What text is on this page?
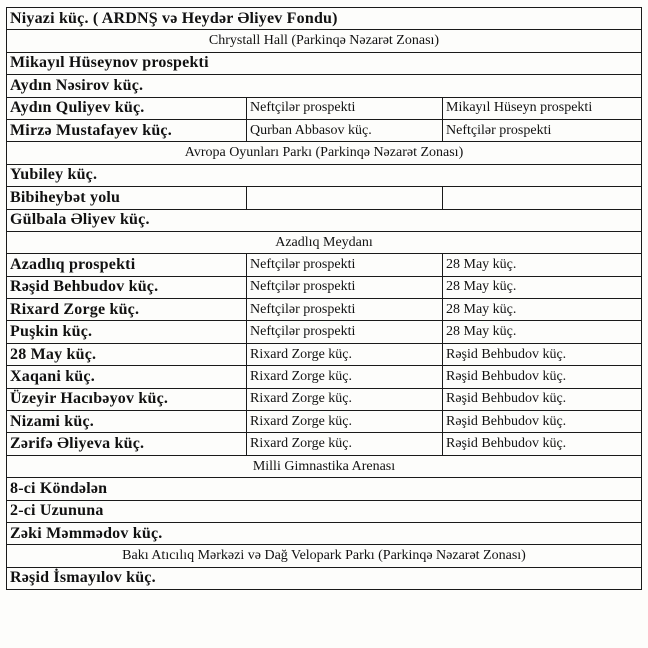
Niyazi küç. ( ARDNŞ və Heydər Əliyev Fondu)		
Chrystall Hall (Parkinqə Nəzarət Zonası)		
Mikayıl Hüseynov prospekti		
Aydın Nəsirov küç.		
Aydın Quliyev küç.	Neftçilər prospekti	Mikayıl Hüseyn prospekti
Mirzə Mustafayev küç.	Qurban Abbasov küç.	Neftçilər prospekti
Avropa Oyunları Parkı (Parkinqə Nəzarət Zonası)		
Yubiley küç.		
Bibiheybət yolu		
Gülbala Əliyev küç.		
Azadlıq Meydanı		
Azadlıq prospekti	Neftçilər prospekti	28 May küç.
Rəşid Behbudov küç.	Neftçilər prospekti	28 May küç.
Rixard Zorge küç.	Neftçilər prospekti	28 May küç.
Puşkin küç.	Neftçilər prospekti	28 May küç.
28 May küç.	Rixard Zorge küç.	Rəşid Behbudov küç.
Xaqani küç.	Rixard Zorge küç.	Rəşid Behbudov küç.
Üzeyir Hacıbəyov küç.	Rixard Zorge küç.	Rəşid Behbudov küç.
Nizami küç.	Rixard Zorge küç.	Rəşid Behbudov küç.
Zərifə Əliyeva küç.	Rixard Zorge küç.	Rəşid Behbudov küç.
Milli Gimnastika Arenası		
8-ci Köndələn		
2-ci Uzununa		
Zəki Məmmədov küç.		
Bakı Atıcılıq Mərkəzi və Dağ Velopark Parkı (Parkinqə Nəzarət Zonası)		
Rəşid İsmayılov küç.		
